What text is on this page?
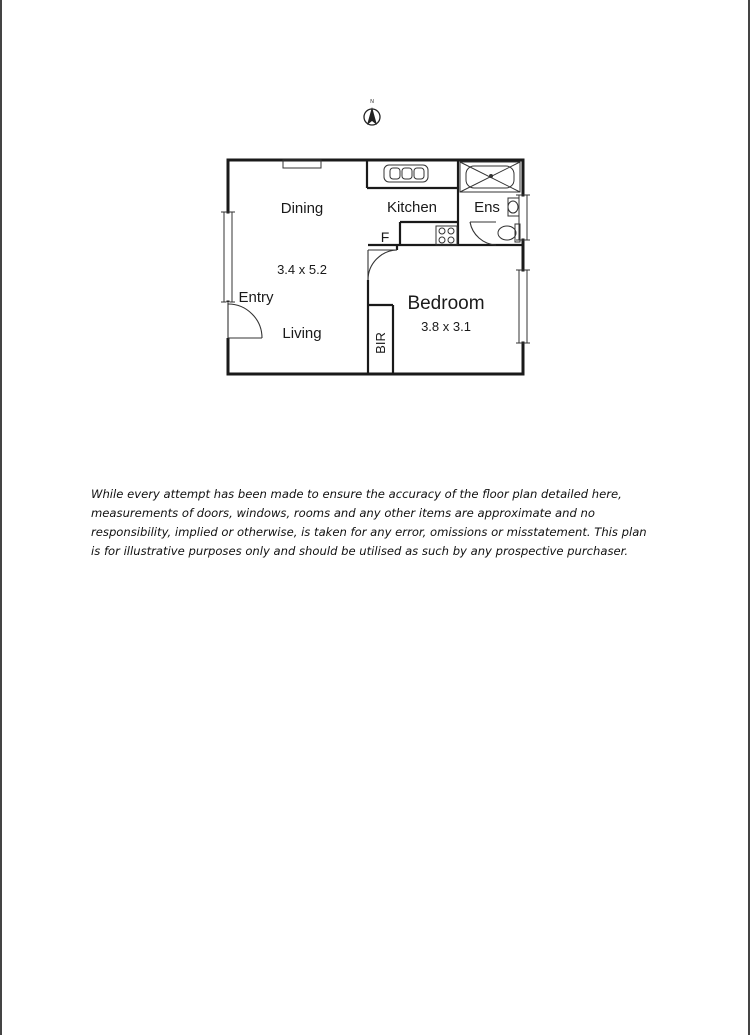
N
Dining	Kitchen Ens
F
3.4 x 5.2
Entry
Living
Bedroom
3.8 x 3.1
BIR

While every attempt has been made to ensure the accuracy of the floor plan detailed here, measurements of doors, windows, rooms and any other items are approximate and no responsibility, implied or otherwise, is taken for any error, omissions or misstatement. This plan is for illustrative purposes only and should be utilised as such by any prospective purchaser.
